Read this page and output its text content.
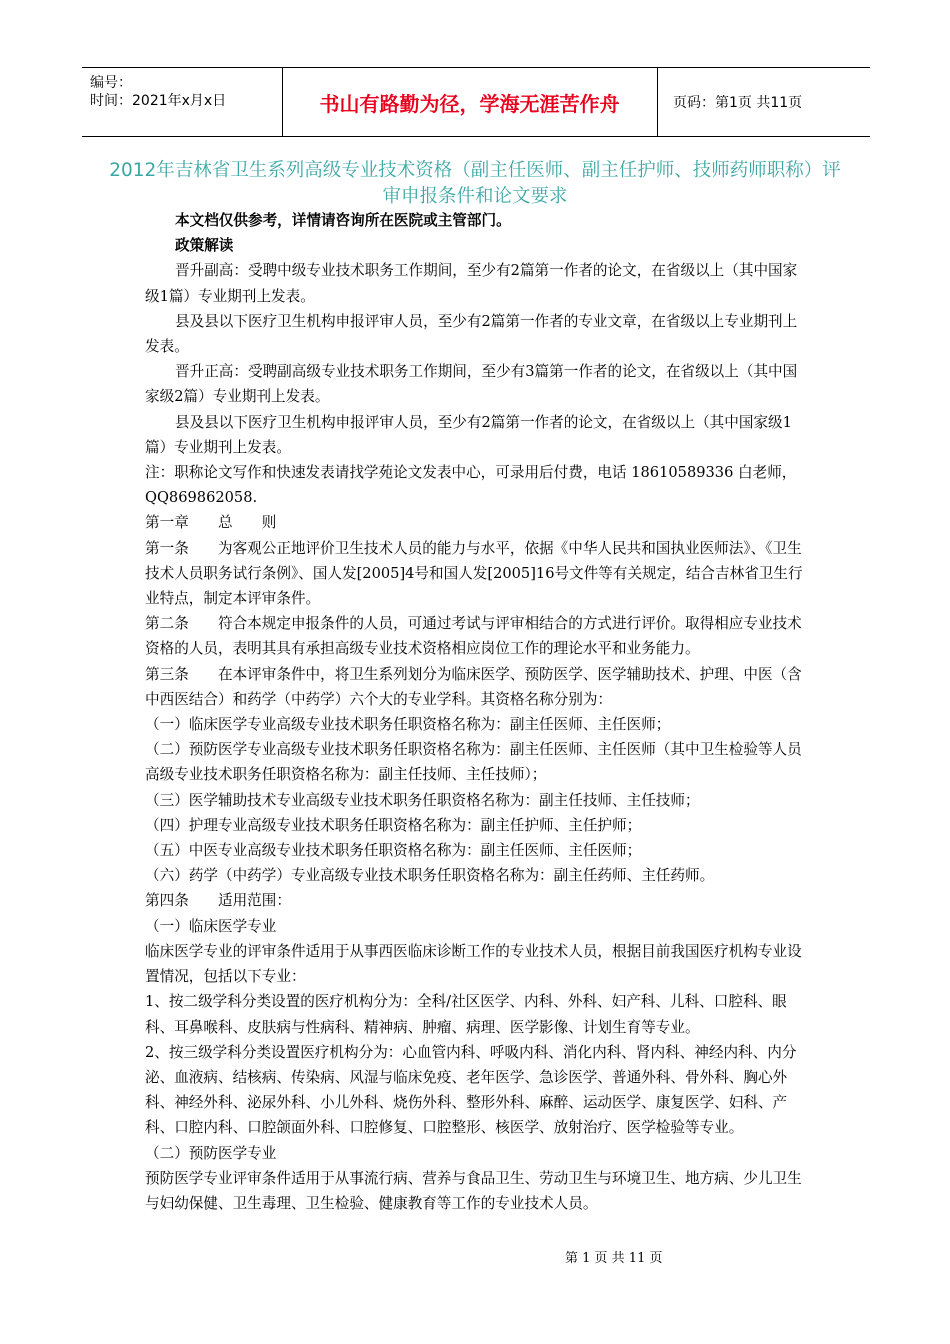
编号：
时间：2021年x月x日	书山有路勤为径，学海无涯苦作舟	页码：第1页 共11页
2012年吉林省卫生系列高级专业技术资格（副主任医师、副主任护师、技师药师职称）评审申报条件和论文要求

本文档仅供参考，详情请咨询所在医院或主管部门。

政策解读

晋升副高：受聘中级专业技术职务工作期间，至少有2篇第一作者的论文，在省级以上（其中国家级1篇）专业期刊上发表。

县及县以下医疗卫生机构申报评审人员，至少有2篇第一作者的专业文章，在省级以上专业期刊上发表。

晋升正高：受聘副高级专业技术职务工作期间，至少有3篇第一作者的论文，在省级以上（其中国家级2篇）专业期刊上发表。

县及县以下医疗卫生机构申报评审人员，至少有2篇第一作者的论文，在省级以上（其中国家级1篇）专业期刊上发表。

注：职称论文写作和快速发表请找学苑论文发表中心，可录用后付费，电话 18610589336 白老师，QQ869862058.

第一章　　总　　则

第一条　　为客观公正地评价卫生技术人员的能力与水平，依据《中华人民共和国执业医师法》、《卫生技术人员职务试行条例》、国人发[2005]4号和国人发[2005]16号文件等有关规定，结合吉林省卫生行业特点，制定本评审条件。

第二条　　符合本规定申报条件的人员，可通过考试与评审相结合的方式进行评价。取得相应专业技术资格的人员，表明其具有承担高级专业技术资格相应岗位工作的理论水平和业务能力。

第三条　　在本评审条件中，将卫生系列划分为临床医学、预防医学、医学辅助技术、护理、中医（含中西医结合）和药学（中药学）六个大的专业学科。其资格名称分别为：

（一）临床医学专业高级专业技术职务任职资格名称为：副主任医师、主任医师；

（二）预防医学专业高级专业技术职务任职资格名称为：副主任医师、主任医师（其中卫生检验等人员高级专业技术职务任职资格名称为：副主任技师、主任技师）；

（三）医学辅助技术专业高级专业技术职务任职资格名称为：副主任技师、主任技师；

（四）护理专业高级专业技术职务任职资格名称为：副主任护师、主任护师；

（五）中医专业高级专业技术职务任职资格名称为：副主任医师、主任医师；

（六）药学（中药学）专业高级专业技术职务任职资格名称为：副主任药师、主任药师。

第四条　　适用范围：

（一）临床医学专业

临床医学专业的评审条件适用于从事西医临床诊断工作的专业技术人员，根据目前我国医疗机构专业设置情况，包括以下专业：

1、按二级学科分类设置的医疗机构分为：全科/社区医学、内科、外科、妇产科、儿科、口腔科、眼科、耳鼻喉科、皮肤病与性病科、精神病、肿瘤、病理、医学影像、计划生育等专业。

2、按三级学科分类设置医疗机构分为：心血管内科、呼吸内科、消化内科、肾内科、神经内科、内分泌、血液病、结核病、传染病、风湿与临床免疫、老年医学、急诊医学、普通外科、骨外科、胸心外科、神经外科、泌尿外科、小儿外科、烧伤外科、整形外科、麻醉、运动医学、康复医学、妇科、产科、口腔内科、口腔颌面外科、口腔修复、口腔整形、核医学、放射治疗、医学检验等专业。

（二）预防医学专业

预防医学专业评审条件适用于从事流行病、营养与食品卫生、劳动卫生与环境卫生、地方病、少儿卫生与妇幼保健、卫生毒理、卫生检验、健康教育等工作的专业技术人员。

第 1 页 共 11 页
